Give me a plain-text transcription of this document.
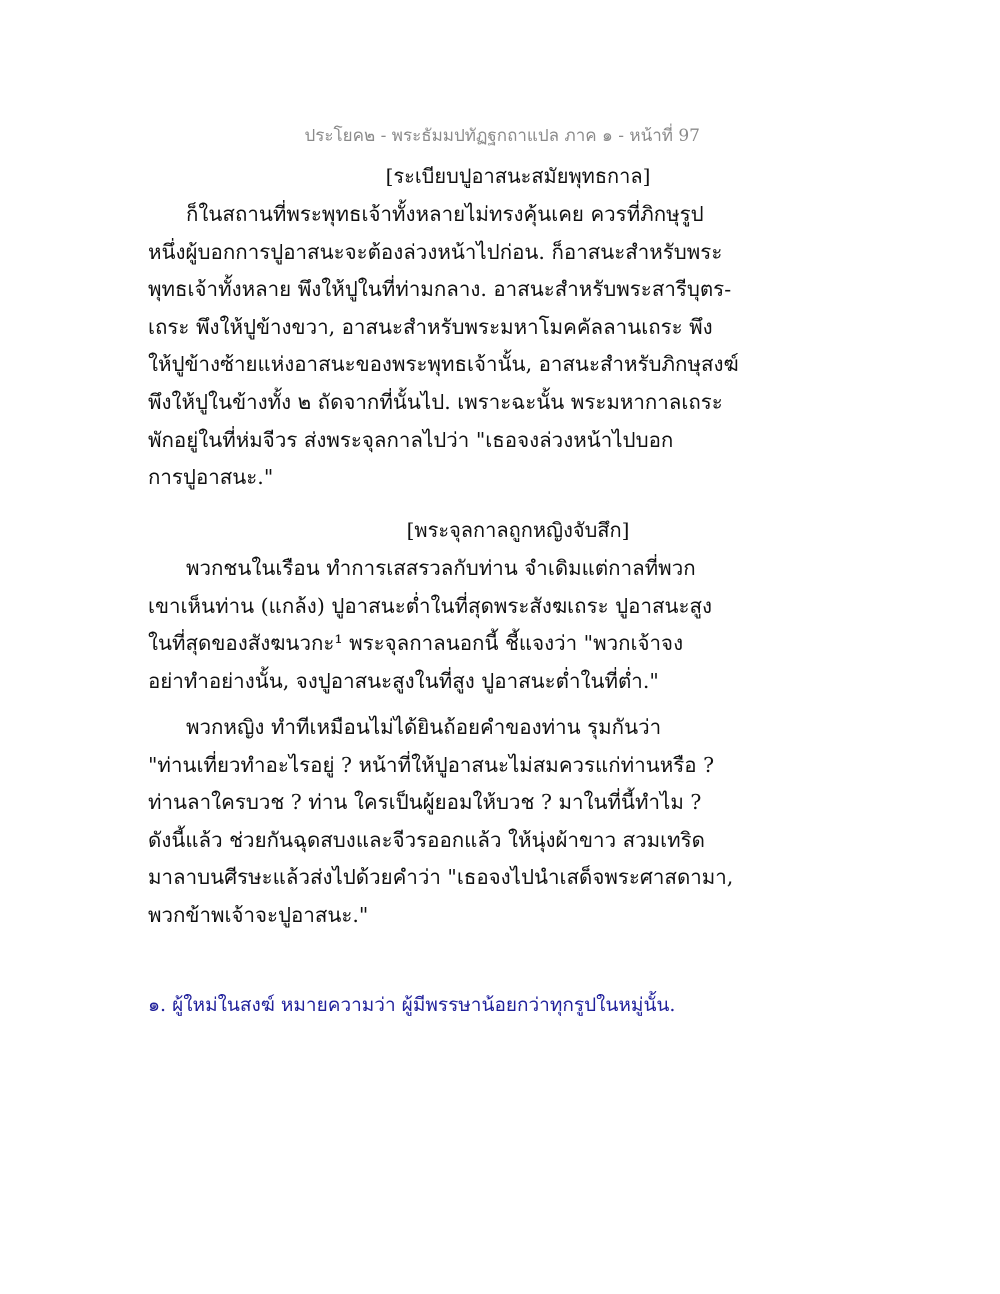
ประโยค๒ - พระธัมมปทัฏฐกถาแปล ภาค ๑ - หน้าที่ 97
[ระเบียบปูอาสนะสมัยพุทธกาล]
ก็ในสถานที่พระพุทธเจ้าทั้งหลายไม่ทรงคุ้นเคย ควรที่ภิกษุรูป
หนึ่งผู้บอกการปูอาสนะจะต้องล่วงหน้าไปก่อน. ก็อาสนะสำหรับพระ
พุทธเจ้าทั้งหลาย พึงให้ปูในที่ท่ามกลาง. อาสนะสำหรับพระสารีบุตร-
เถระ พึงให้ปูข้างขวา, อาสนะสำหรับพระมหาโมคคัลลานเถระ พึง
ให้ปูข้างซ้ายแห่งอาสนะของพระพุทธเจ้านั้น, อาสนะสำหรับภิกษุสงฆ์
พึงให้ปูในข้างทั้ง ๒ ถัดจากที่นั้นไป. เพราะฉะนั้น พระมหากาลเถระ
พักอยู่ในที่ห่มจีวร ส่งพระจุลกาลไปว่า "เธอจงล่วงหน้าไปบอก
การปูอาสนะ."
[พระจุลกาลถูกหญิงจับสึก]
พวกชนในเรือน ทำการเสสรวลกับท่าน จำเดิมแต่กาลที่พวก
เขาเห็นท่าน (แกล้ง) ปูอาสนะต่ำในที่สุดพระสังฆเถระ ปูอาสนะสูง
ในที่สุดของสังฆนวกะ¹ พระจุลกาลนอกนี้ ชี้แจงว่า "พวกเจ้าจง
อย่าทำอย่างนั้น, จงปูอาสนะสูงในที่สูง ปูอาสนะต่ำในที่ต่ำ."
พวกหญิง ทำทีเหมือนไม่ได้ยินถ้อยคำของท่าน รุมกันว่า
"ท่านเที่ยวทำอะไรอยู่ ? หน้าที่ให้ปูอาสนะไม่สมควรแก่ท่านหรือ ?
ท่านลาใครบวช ? ท่าน ใครเป็นผู้ยอมให้บวช ? มาในที่นี้ทำไม ?
ดังนี้แล้ว ช่วยกันฉุดสบงและจีวรออกแล้ว ให้นุ่งผ้าขาว สวมเทริด
มาลาบนศีรษะแล้วส่งไปด้วยคำว่า "เธอจงไปนำเสด็จพระศาสดามา,
พวกข้าพเจ้าจะปูอาสนะ."
๑. ผู้ใหม่ในสงฆ์ หมายความว่า ผู้มีพรรษาน้อยกว่าทุกรูปในหมู่นั้น.
